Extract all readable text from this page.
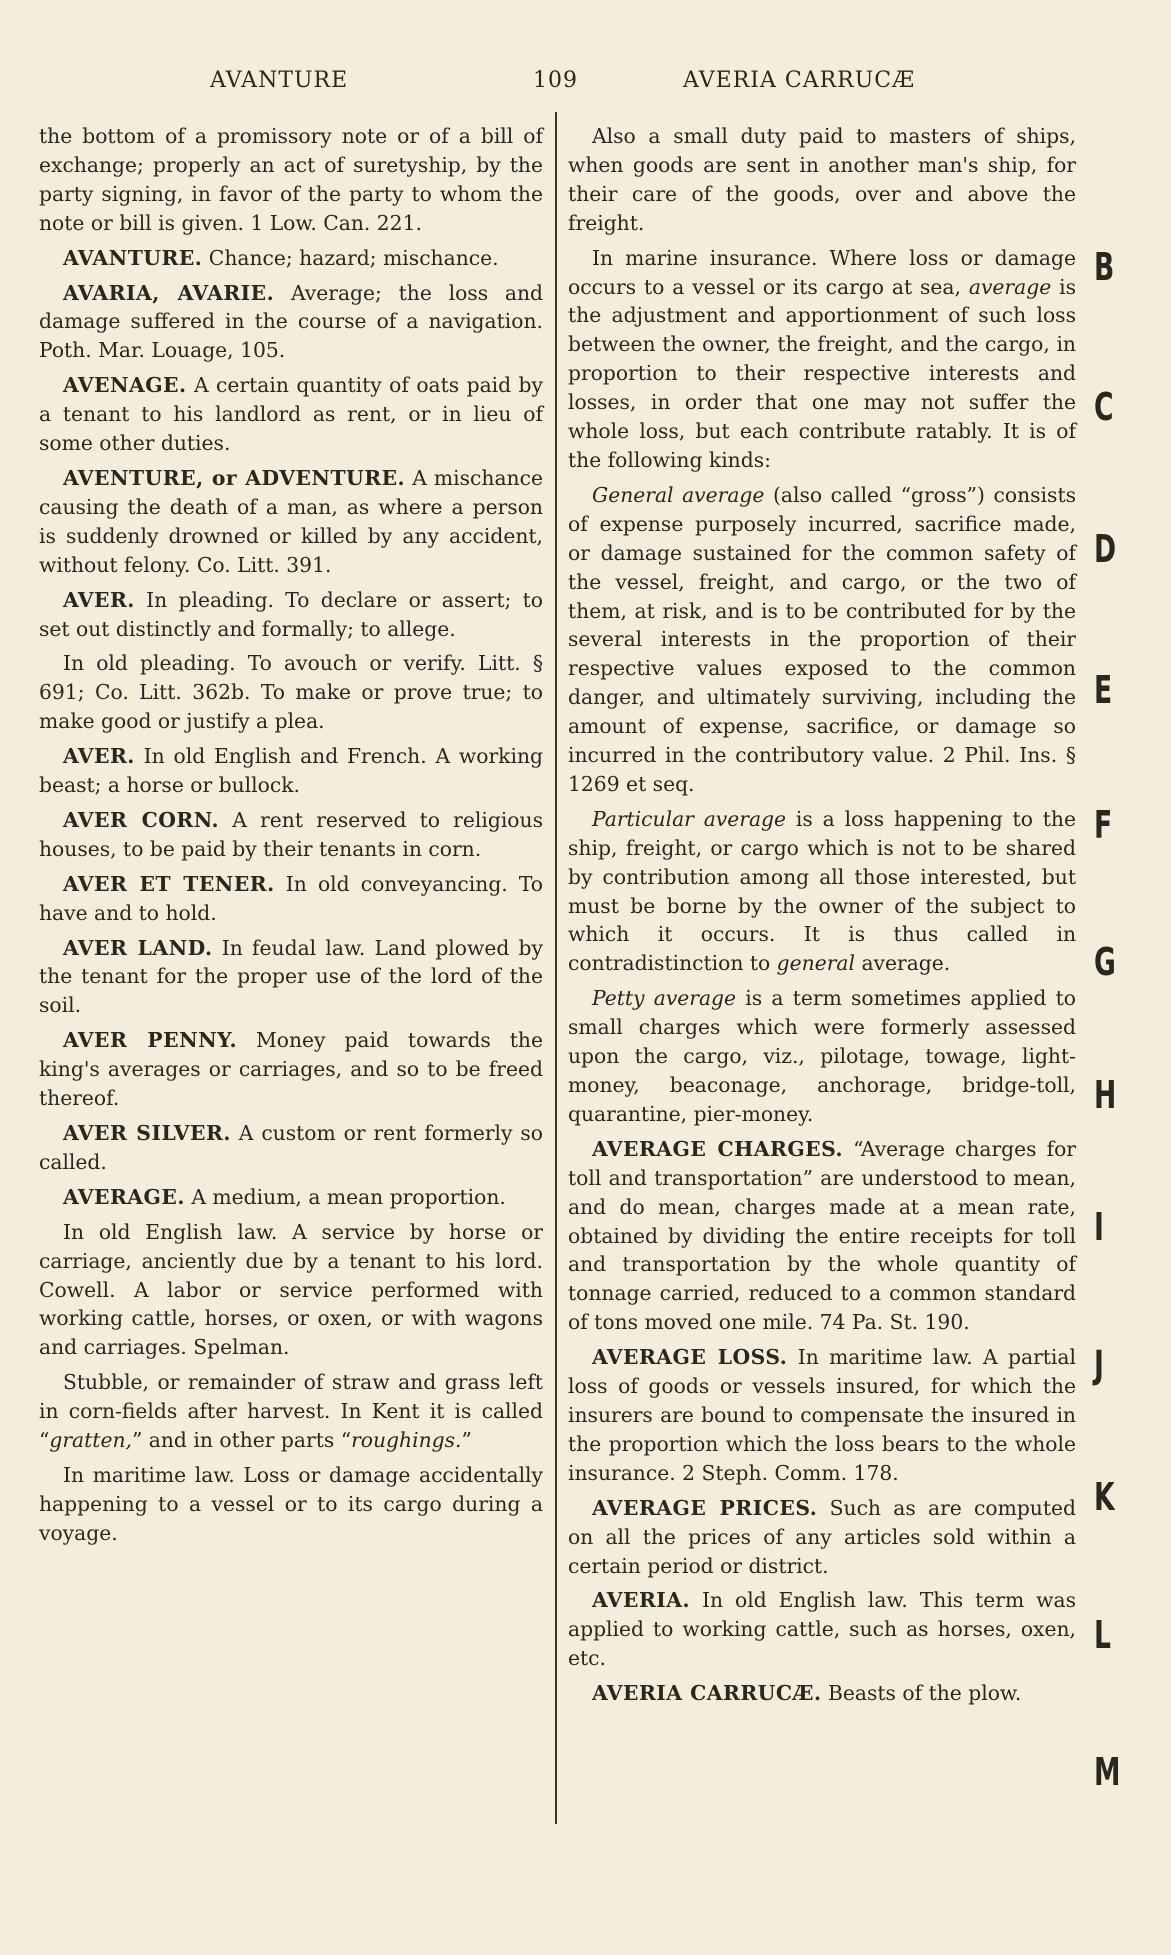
AVANTURE	109	AVERIA CARRUCÆ

the bottom of a promissory note or of a bill of exchange; properly an act of suretyship, by the party signing, in favor of the party to whom the note or bill is given. 1 Low. Can. 221.

AVANTURE. Chance; hazard; mischance.

AVARIA, AVARIE. Average; the loss and damage suffered in the course of a navigation. Poth. Mar. Louage, 105.

AVENAGE. A certain quantity of oats paid by a tenant to his landlord as rent, or in lieu of some other duties.

AVENTURE, or ADVENTURE. A mischance causing the death of a man, as where a person is suddenly drowned or killed by any accident, without felony. Co. Litt. 391.

AVER. In pleading. To declare or assert; to set out distinctly and formally; to allege.

In old pleading. To avouch or verify. Litt. § 691; Co. Litt. 362b. To make or prove true; to make good or justify a plea.

AVER. In old English and French. A working beast; a horse or bullock.

AVER CORN. A rent reserved to religious houses, to be paid by their tenants in corn.

AVER ET TENER. In old conveyancing. To have and to hold.

AVER LAND. In feudal law. Land plowed by the tenant for the proper use of the lord of the soil.

AVER PENNY. Money paid towards the king's averages or carriages, and so to be freed thereof.

AVER SILVER. A custom or rent formerly so called.

AVERAGE. A medium, a mean proportion.

In old English law. A service by horse or carriage, anciently due by a tenant to his lord. Cowell. A labor or service performed with working cattle, horses, or oxen, or with wagons and carriages. Spelman.

Stubble, or remainder of straw and grass left in corn-fields after harvest. In Kent it is called “gratten,” and in other parts “roughings.”

In maritime law. Loss or damage accidentally happening to a vessel or to its cargo during a voyage.

Also a small duty paid to masters of ships, when goods are sent in another man's ship, for their care of the goods, over and above the freight.

In marine insurance. Where loss or damage occurs to a vessel or its cargo at sea, average is the adjustment and apportionment of such loss between the owner, the freight, and the cargo, in proportion to their respective interests and losses, in order that one may not suffer the whole loss, but each contribute ratably. It is of the following kinds:

General average (also called “gross”) consists of expense purposely incurred, sacrifice made, or damage sustained for the common safety of the vessel, freight, and cargo, or the two of them, at risk, and is to be contributed for by the several interests in the proportion of their respective values exposed to the common danger, and ultimately surviving, including the amount of expense, sacrifice, or damage so incurred in the contributory value. 2 Phil. Ins. § 1269 et seq.

Particular average is a loss happening to the ship, freight, or cargo which is not to be shared by contribution among all those interested, but must be borne by the owner of the subject to which it occurs. It is thus called in contradistinction to general average.

Petty average is a term sometimes applied to small charges which were formerly assessed upon the cargo, viz., pilotage, towage, light-money, beaconage, anchorage, bridge-toll, quarantine, pier-money.

AVERAGE CHARGES. “Average charges for toll and transportation” are understood to mean, and do mean, charges made at a mean rate, obtained by dividing the entire receipts for toll and transportation by the whole quantity of tonnage carried, reduced to a common standard of tons moved one mile. 74 Pa. St. 190.

AVERAGE LOSS. In maritime law. A partial loss of goods or vessels insured, for which the insurers are bound to compensate the insured in the proportion which the loss bears to the whole insurance. 2 Steph. Comm. 178.

AVERAGE PRICES. Such as are computed on all the prices of any articles sold within a certain period or district.

AVERIA. In old English law. This term was applied to working cattle, such as horses, oxen, etc.

AVERIA CARRUCÆ. Beasts of the plow.

B
C
D
E
F
G
H
I
J
K
L
M
